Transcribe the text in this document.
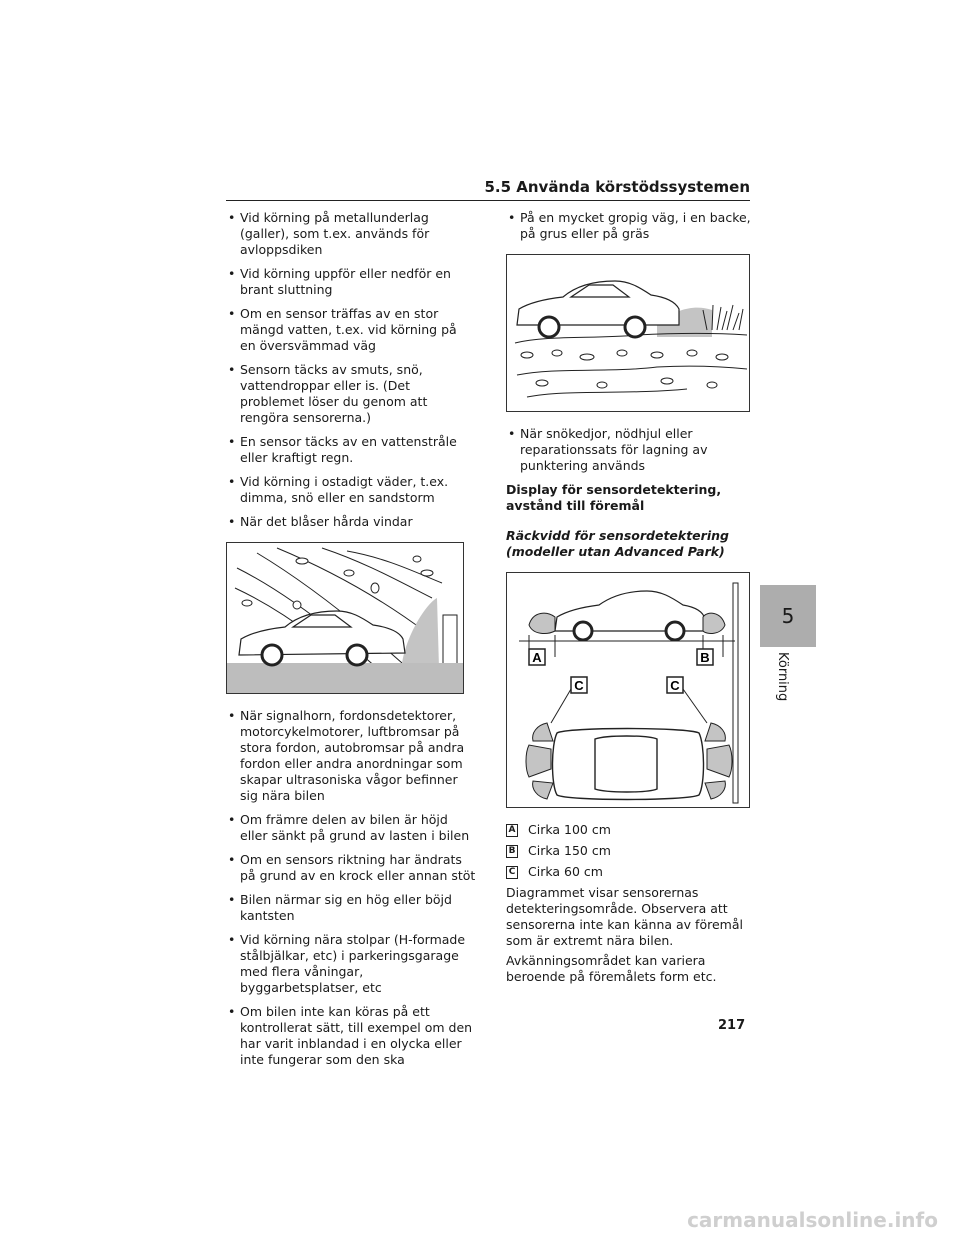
5.5 Använda körstödssystemen
• Vid körning på metallunderlag (galler), som t.ex. används för avloppsdiken
• Vid körning uppför eller nedför en brant sluttning
• Om en sensor träffas av en stor mängd vatten, t.ex. vid körning på en översvämmad väg
• Sensorn täcks av smuts, snö, vattendroppar eller is. (Det problemet löser du genom att rengöra sensorerna.)
• En sensor täcks av en vattenstråle eller kraftigt regn.
• Vid körning i ostadigt väder, t.ex. dimma, snö eller en sandstorm
• När det blåser hårda vindar
• När signalhorn, fordonsdetektorer, motorcykelmotorer, luftbromsar på stora fordon, autobromsar på andra fordon eller andra anordningar som skapar ultrasoniska vågor befinner sig nära bilen
• Om främre delen av bilen är höjd eller sänkt på grund av lasten i bilen
• Om en sensors riktning har ändrats på grund av en krock eller annan stöt
• Bilen närmar sig en hög eller böjd kantsten
• Vid körning nära stolpar (H-formade stålbjälkar, etc) i parkeringsgarage med flera våningar, byggarbetsplatser, etc
• Om bilen inte kan köras på ett kontrollerat sätt, till exempel om den har varit inblandad i en olycka eller inte fungerar som den ska
• På en mycket gropig väg, i en backe, på grus eller på gräs
• När snökedjor, nödhjul eller reparationssats för lagning av punktering används
Display för sensordetektering, avstånd till föremål
Räckvidd för sensordetektering (modeller utan Advanced Park)
A	B
C	C
A Cirka 100 cm
B Cirka 150 cm
C Cirka 60 cm
Diagrammet visar sensorernas detekteringsområde. Observera att sensorerna inte kan känna av föremål som är extremt nära bilen.
Avkänningsområdet kan variera beroende på föremålets form etc.
5
Körning
217
carmanualsonline.info
